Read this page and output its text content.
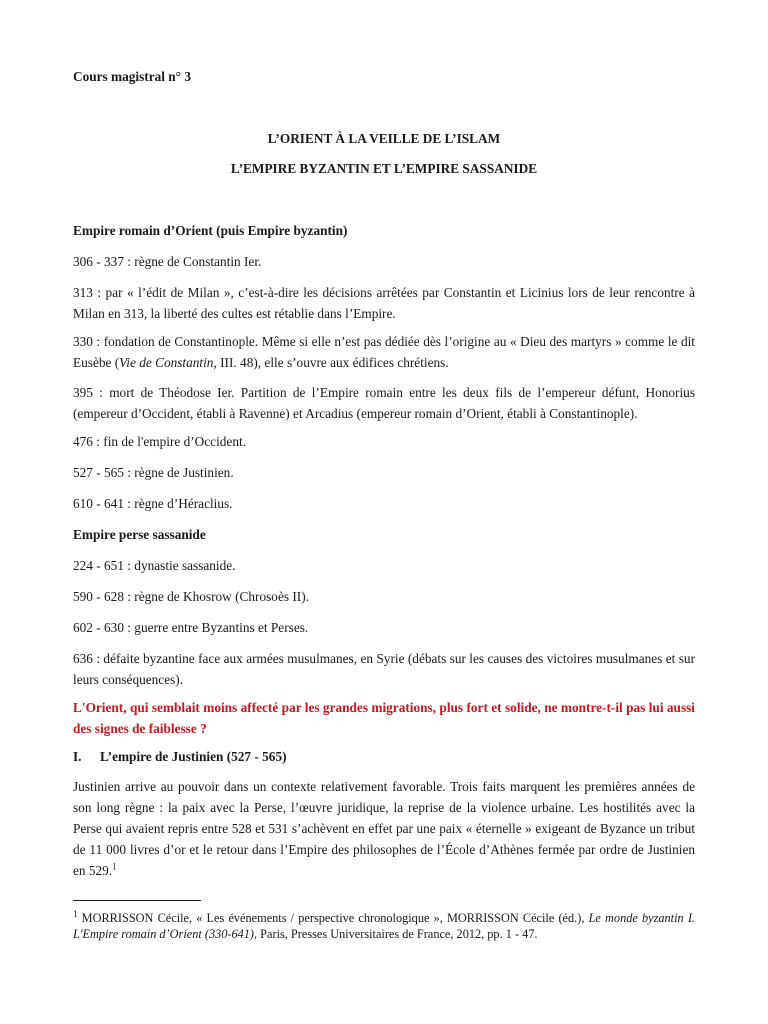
Cours magistral n° 3

L’ORIENT À LA VEILLE DE L’ISLAM

L’EMPIRE BYZANTIN ET L’EMPIRE SASSANIDE

Empire romain d’Orient (puis Empire byzantin)

306 - 337 : règne de Constantin Ier.

313 : par « l’édit de Milan », c’est-à-dire les décisions arrêtées par Constantin et Licinius lors de leur rencontre à Milan en 313, la liberté des cultes est rétablie dans l’Empire.

330 : fondation de Constantinople. Même si elle n’est pas dédiée dès l’origine au « Dieu des martyrs » comme le dit Eusèbe (Vie de Constantin, III. 48), elle s’ouvre aux édifices chrétiens.

395 : mort de Théodose Ier. Partition de l’Empire romain entre les deux fils de l’empereur défunt, Honorius (empereur d’Occident, établi à Ravenne) et Arcadius (empereur romain d’Orient, établi à Constantinople).

476 : fin de l'empire d’Occident.

527 - 565 : règne de Justinien.

610 - 641 : règne d’Héraclius.

Empire perse sassanide

224 - 651 : dynastie sassanide.

590 - 628 : règne de Khosrow (Chrosoès II).

602 - 630 : guerre entre Byzantins et Perses.

636 : défaite byzantine face aux armées musulmanes, en Syrie (débats sur les causes des victoires musulmanes et sur leurs conséquences).

L'Orient, qui semblait moins affecté par les grandes migrations, plus fort et solide, ne montre-t-il pas lui aussi des signes de faiblesse ?

I. L’empire de Justinien (527 - 565)

Justinien arrive au pouvoir dans un contexte relativement favorable. Trois faits marquent les premières années de son long règne : la paix avec la Perse, l’œuvre juridique, la reprise de la violence urbaine. Les hostilités avec la Perse qui avaient repris entre 528 et 531 s’achèvent en effet par une paix « éternelle » exigeant de Byzance un tribut de 11 000 livres d’or et le retour dans l’Empire des philosophes de l’École d’Athènes fermée par ordre de Justinien en 529.$^1$

$^1$ MORRISSON Cécile, « Les événements / perspective chronologique », MORRISSON Cécile (éd.), Le monde byzantin I. L'Empire romain d’Orient (330-641), Paris, Presses Universitaires de France, 2012, pp. 1 - 47.
